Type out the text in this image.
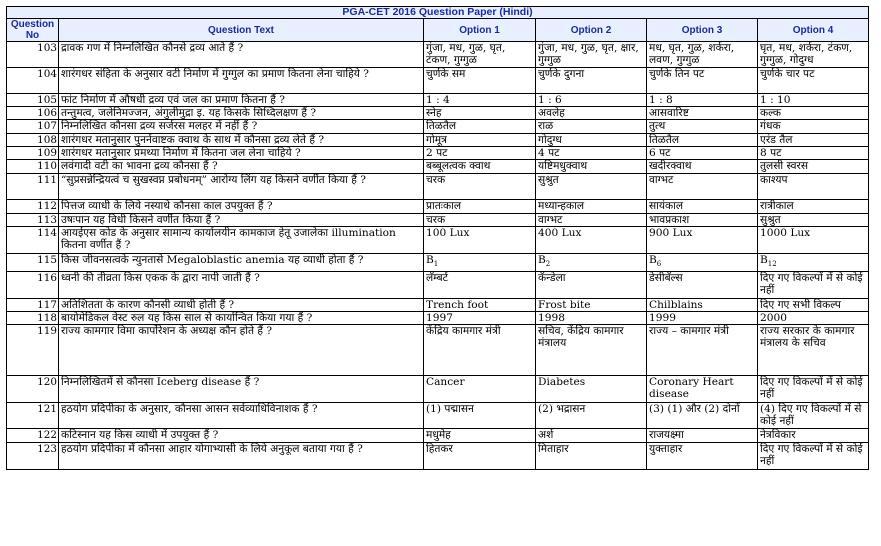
PGA-CET 2016 Question Paper (Hindi)					
Question No	Question Text	Option 1	Option 2	Option 3	Option 4
103	द्रावक गण में निम्नलिखित कौनसे द्रव्य आते हैं ?	गुंजा, मध, गुळ, घृत, टंकण, गुग्गुळ	गुंजा, मध, गुळ, घृत, क्षार, गुग्गुळ	मध, घृत, गुळ, शर्करा, लवण, गुग्गुळ	घृत, मध, शर्करा, टंकण, गुग्गुळ, गोदुग्ध
104	शारंगधर संहिता के अनुसार वटी निर्माण में गुग्गुल का प्रमाण कितना लेना चाहिये ?	चुर्णके सम	चुर्णके दुगना	चुर्णके तिन पट	चुर्णके चार पट
105	फांट निर्माण में औषधी द्रव्य एवं जल का प्रमाण कितना हैं ?	1 : 4	1 : 6	1 : 8	1 : 10
106	तन्तुमत्व, जलेनिमज्जन, अंगुलीमुद्रा इ. यह किसके सिध्दिलक्षण हैं ?	स्नेह	अवलेह	आसवारिष्ट	कल्क
107	निम्नलिखित कौनसा द्रव्य सर्जरस मलहर में नहीं हैं ?	तिळतैल	राळ	तुत्थ	गंधक
108	शारंगधर मतानुसार पुनर्नवाष्टक क्वाथ के साथ में कौनसा द्रव्य लेते हैं ?	गोमूत्र	गोदुग्ध	तिळतैल	एरंड तैल
109	शारंगधर मतानुसार प्रमथ्या निर्माण में कितना जल लेना चाहिये ?	2 पट	4 पट	6 पट	8 पट
110	लवंगादी वटी का भावना द्रव्य कौनसा हैं ?	बब्बूलत्वक क्वाथ	यष्टिमधुक्वाथ	खदीरक्वाथ	तुलसी स्वरस
111	“सुप्रसन्नेन्द्रियत्वं च सुखस्वप्न प्रबोधनम्” आरोग्य लिंग यह किसने वर्णीत किया हैं ?	चरक	सुश्रुत	वाग्भट	काश्यप
112	पित्तज व्याधी के लिये नस्याथे कौनसा काल उपयुक्त हैं ?	प्रातःकाल	मध्यान्हकाल	सायंकाल	रात्रीकाल
113	उषःपान यह विधी किसने वर्णीत किया हैं ?	चरक	वाग्भट	भावप्रकाश	सुश्रुत
114	आयईएस कोड के अनुसार सामान्य कार्यालयीन कामकाज हेतू उजालेका illumination कितना वर्णीत हैं ?	100 Lux	400 Lux	900 Lux	1000 Lux
115	किस जीवनसत्वके न्युनतासे Megaloblastic anemia यह व्याधी होता हैं ?	$B_1$	$B_2$	$B_6$	$B_{12}$
116	ध्वनी की तीव्रता किस एकक के द्वारा नापी जाती हैं ?	लॅम्बर्ट	कॅन्डेला	डेसीबॅल्स	दिए गए विकल्पों में से कोई नहीं
117	अतिशितता के कारण कौनसी व्याधी होती हैं ?	Trench foot	Frost bite	Chilblains	दिए गए सभी विकल्प
118	बायोमेडिकल वेस्ट रुल यह किस साल से कार्यान्वित किया गया हैं ?	1997	1998	1999	2000
119	राज्य कामगार विमा कार्पोरेशन के अध्यक्ष कौन होते हैं ?	केंद्रिय कामगार मंत्री	सचिव, केंद्रिय कामगार मंत्रालय	राज्य – कामगार मंत्री	राज्य सरकार के कामगार मंत्रालय के सचिव
120	निम्नलिखितमें से कौनसा Iceberg disease हैं ?	Cancer	Diabetes	Coronary Heart disease	दिए गए विकल्पों में से कोई नहीं
121	हठयोग प्रदिपीका के अनुसार, कौनसा आसन सर्वव्याधिविनाशक हैं ?	(1) पद्मासन	(2) भद्रासन	(3) (1) और (2) दोनों	(4) दिए गए विकल्पों में से कोई नहीं
122	कटिस्नान यह किस व्याधी में उपयुक्त हैं ?	मधुमेह	अर्श	राजयक्ष्मा	नेत्रविकार
123	हठयोग प्रदिपीका में कौनसा आहार योगाभ्यासी के लिये अनुकूल बताया गया हैं ?	हितकर	मिताहार	युक्ताहार	दिए गए विकल्पों में से कोई नहीं
